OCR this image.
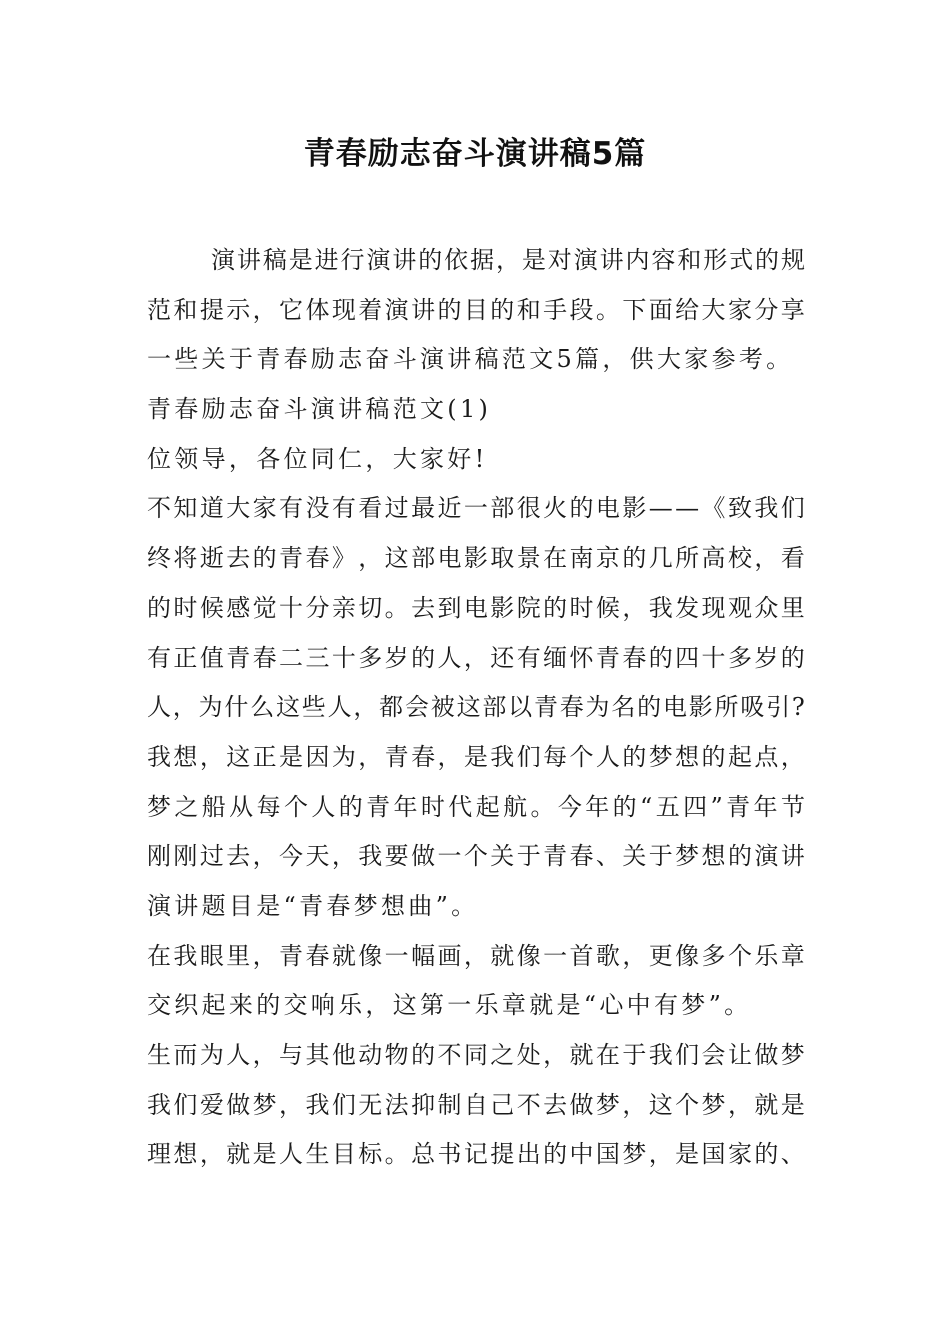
青春励志奋斗演讲稿5篇
演 讲 稿 是 进 行 演 讲 的 依 据 ， 是 对 演 讲 内 容 和 形 式 的 规
范 和 提 示 ， 它 体 现 着 演 讲 的 目 的 和 手 段 。 下 面 给 大 家 分 享
一些关于青春励志奋斗演讲稿范文5篇，供大家参考。
青春励志奋斗演讲稿范文(1)
位领导，各位同仁，大家好!
不 知 道 大 家 有 没 有 看 过 最 近 一 部 很 火 的 电 影 — — 《 致 我 们
终 将 逝 去 的 青 春 》 ， 这 部 电 影 取 景 在 南 京 的 几 所 高 校 ， 看
的 时 候 感 觉 十 分 亲 切 。 去 到 电 影 院 的 时 候 ， 我 发 现 观 众 里
有 正 值 青 春 二 三 十 多 岁 的 人 ， 还 有 缅 怀 青 春 的 四 十 多 岁 的
人 ， 为 什 么 这 些 人 ， 都 会 被 这 部 以 青 春 为 名 的 电 影 所 吸 引 ?
我 想 ， 这 正 是 因 为 ， 青 春 ， 是 我 们 每 个 人 的 梦 想 的 起 点 ，
梦 之 船 从 每 个 人 的 青 年 时 代 起 航 。 今 年 的 “ 五 四 ” 青 年 节
刚 刚 过 去 ， 今 天 ， 我 要 做 一 个 关 于 青 春 、 关 于 梦 想 的 演 讲
演讲题目是“青春梦想曲”。
在 我 眼 里 ， 青 春 就 像 一 幅 画 ， 就 像 一 首 歌 ， 更 像 多 个 乐 章
交织起来的交响乐，这第一乐章就是“心中有梦”。
生 而 为 人 ， 与 其 他 动 物 的 不 同 之 处 ， 就 在 于 我 们 会 让 做 梦
我 们 爱 做 梦 ， 我 们 无 法 抑 制 自 己 不 去 做 梦 ， 这 个 梦 ， 就 是
理 想 ， 就 是 人 生 目 标 。 总 书 记 提 出 的 中 国 梦 ， 是 国 家 的 、
